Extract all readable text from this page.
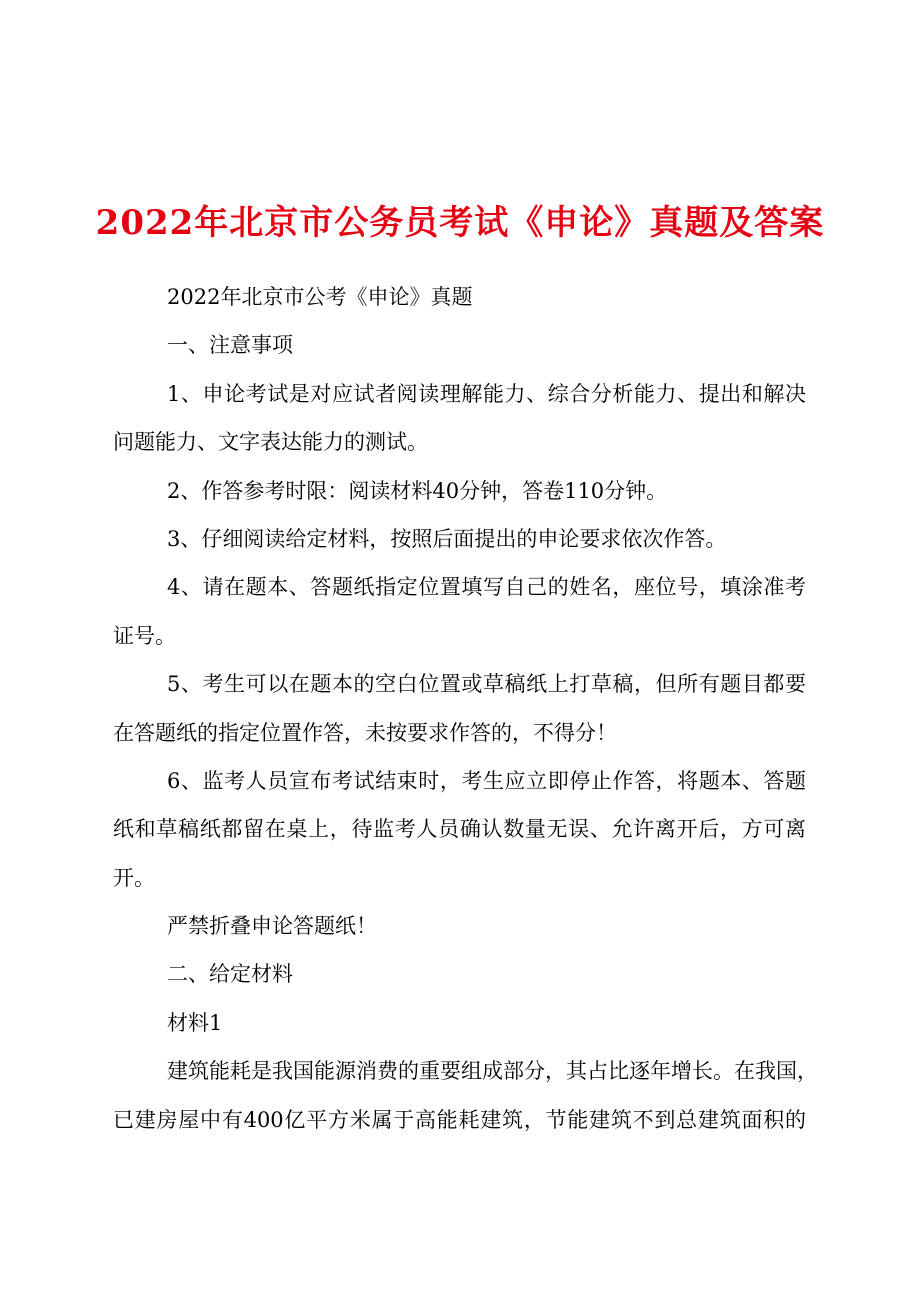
2022年北京市公务员考试《申论》真题及答案
2022年北京市公考《申论》真题
一、注意事项
1、申论考试是对应试者阅读理解能力、综合分析能力、提出和解决
问题能力、文字表达能力的测试。
2、作答参考时限：阅读材料40分钟，答卷110分钟。
3、仔细阅读给定材料，按照后面提出的申论要求依次作答。
4、请在题本、答题纸指定位置填写自己的姓名，座位号，填涂准考
证号。
5、考生可以在题本的空白位置或草稿纸上打草稿，但所有题目都要
在答题纸的指定位置作答，未按要求作答的，不得分！
6、监考人员宣布考试结束时，考生应立即停止作答，将题本、答题
纸和草稿纸都留在桌上，待监考人员确认数量无误、允许离开后，方可离
开。
严禁折叠申论答题纸！
二、给定材料
材料1
建筑能耗是我国能源消费的重要组成部分，其占比逐年增长。在我国，
已建房屋中有400亿平方米属于高能耗建筑，节能建筑不到总建筑面积的
